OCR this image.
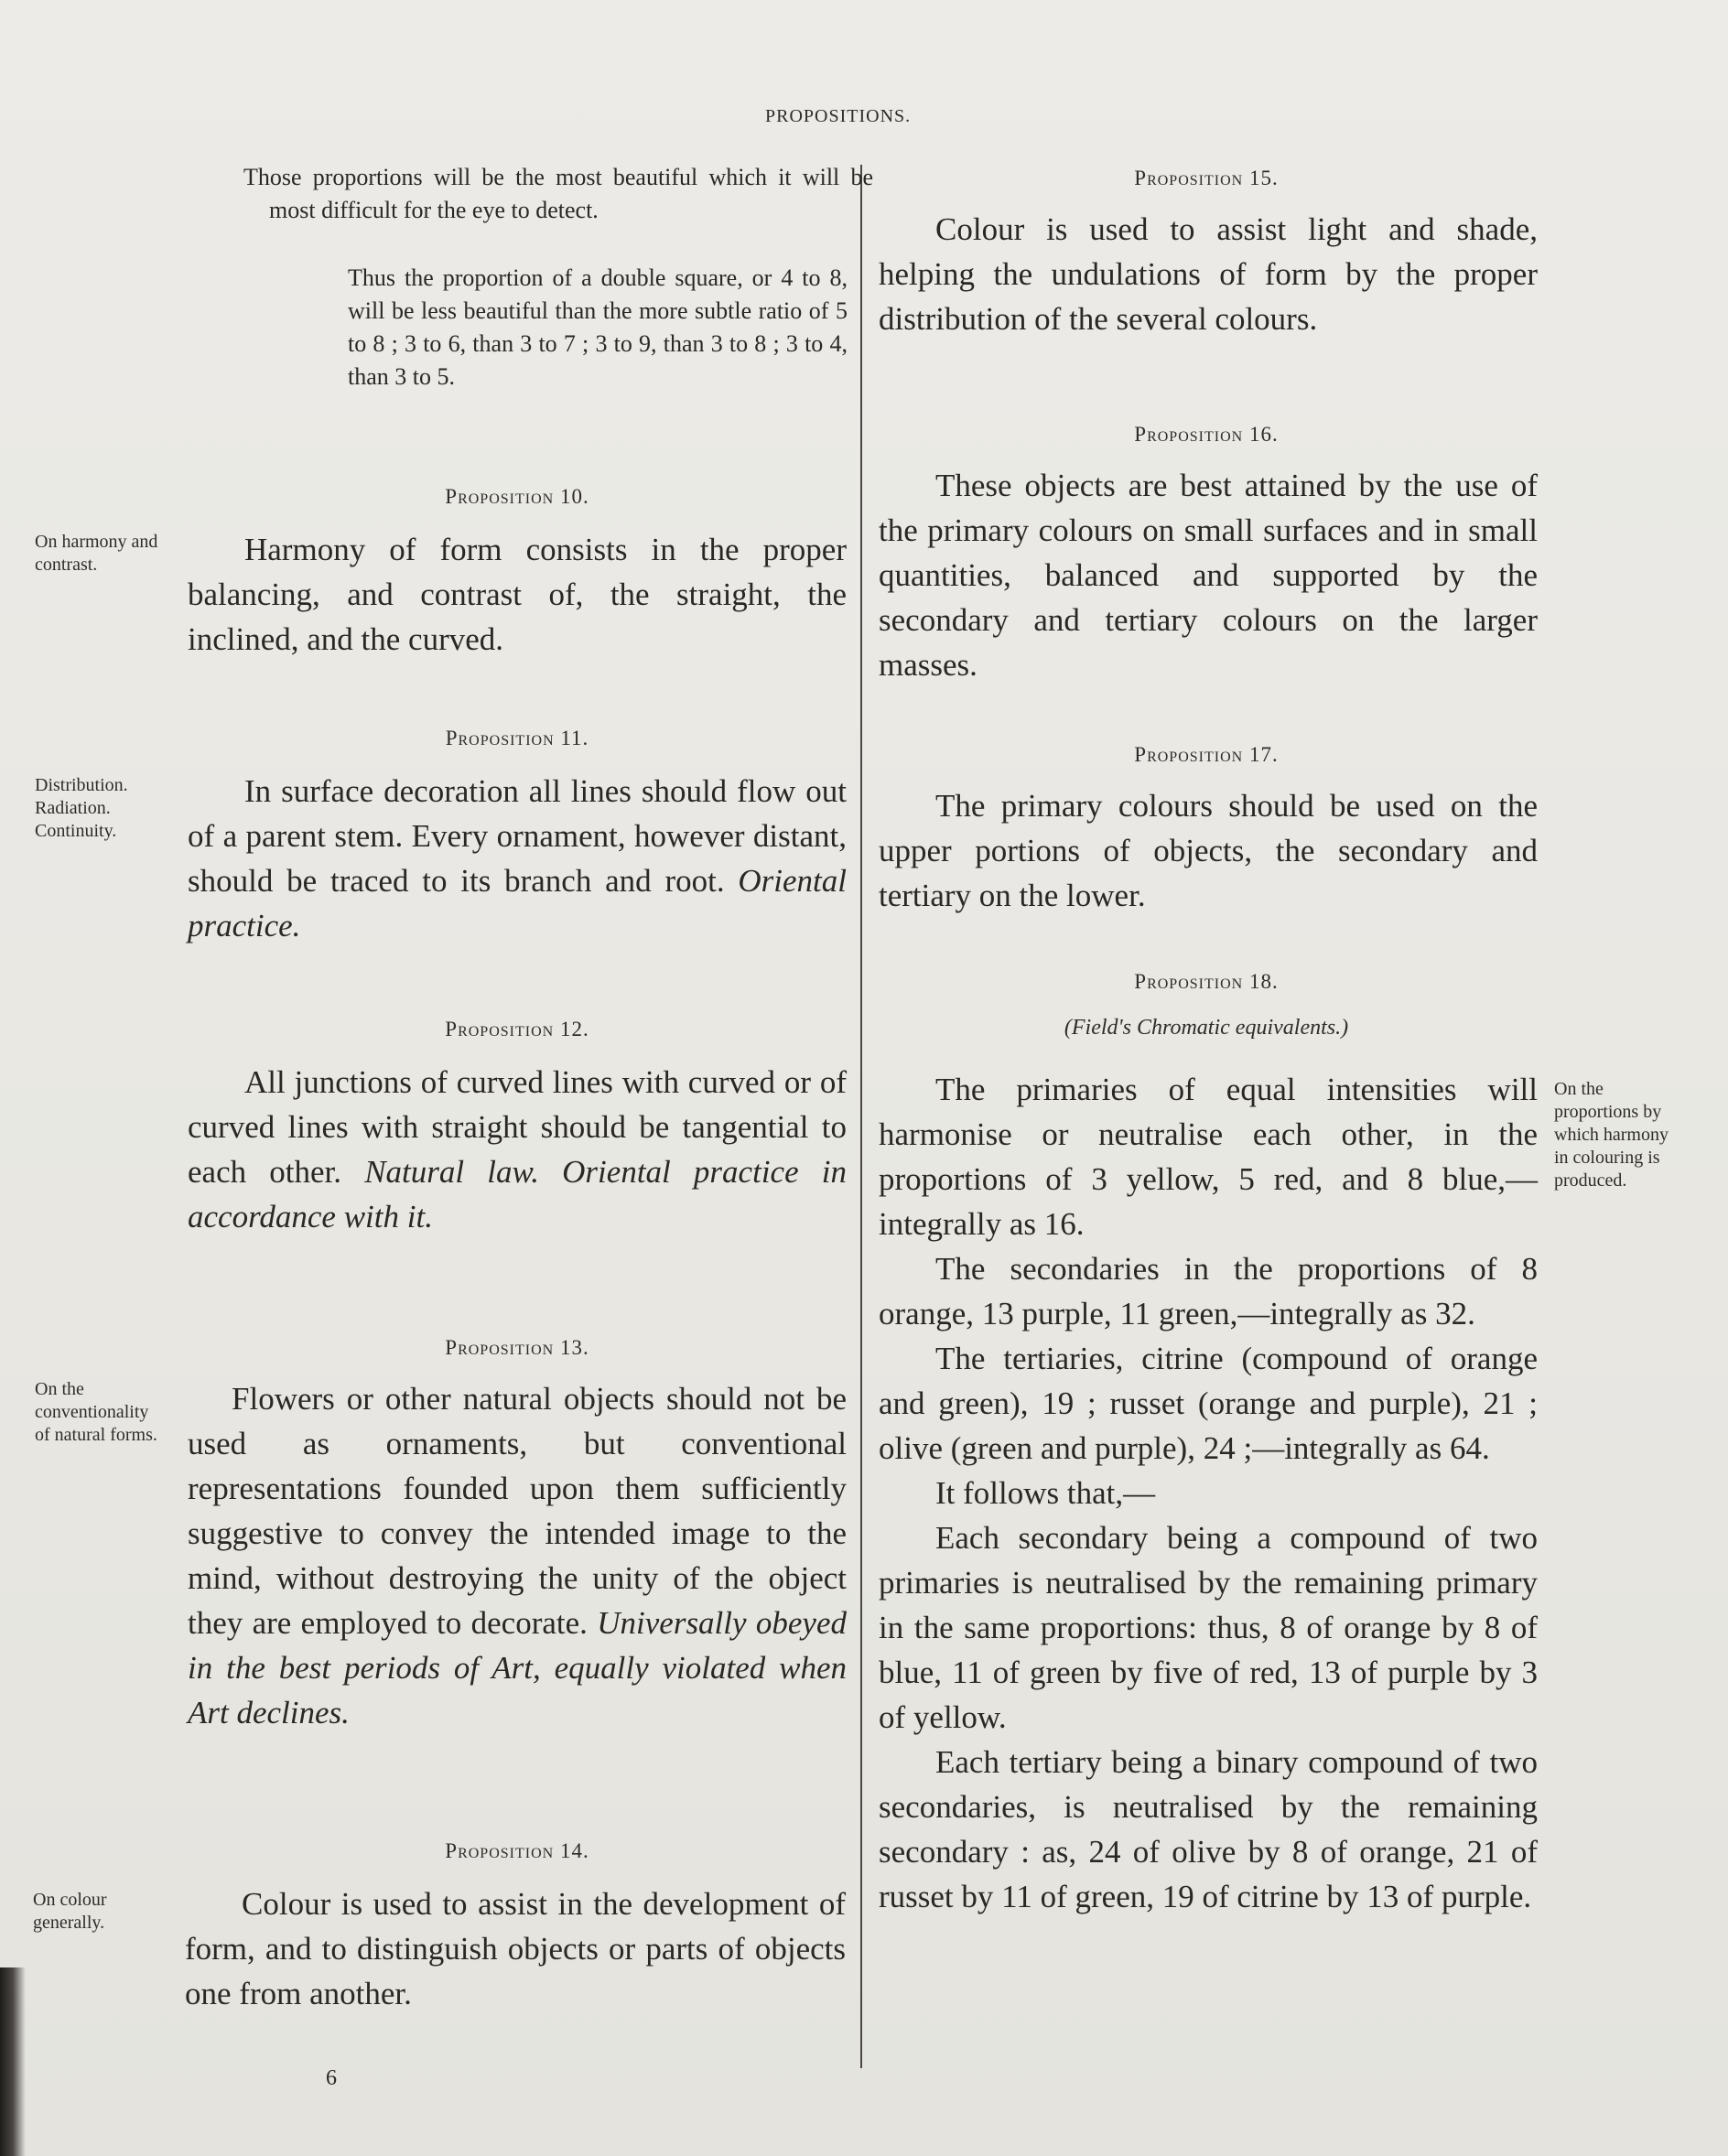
PROPOSITIONS.
Those proportions will be the most beautiful which it will be most difficult for the eye to detect.
Thus the proportion of a double square, or 4 to 8, will be less beautiful than the more subtle ratio of 5 to 8 ; 3 to 6, than 3 to 7 ; 3 to 9, than 3 to 8 ; 3 to 4, than 3 to 5.
On harmony and contrast.
Proposition 10.
Harmony of form consists in the proper balancing, and contrast of, the straight, the inclined, and the curved.
Distribution.
Radiation.
Continuity.
Proposition 11.
In surface decoration all lines should flow out of a parent stem. Every ornament, however distant, should be traced to its branch and root. Oriental practice.
Proposition 12.
All junctions of curved lines with curved or of curved lines with straight should be tangential to each other. Natural law. Oriental practice in accordance with it.
On the conventionality of natural forms.
Proposition 13.
Flowers or other natural objects should not be used as ornaments, but conventional representations founded upon them sufficiently suggestive to convey the intended image to the mind, without destroying the unity of the object they are employed to decorate. Universally obeyed in the best periods of Art, equally violated when Art declines.
On colour generally.
Proposition 14.
Colour is used to assist in the development of form, and to distinguish objects or parts of objects one from another.
6
Proposition 15.
Colour is used to assist light and shade, helping the undulations of form by the proper distribution of the several colours.
Proposition 16.
These objects are best attained by the use of the primary colours on small surfaces and in small quantities, balanced and supported by the secondary and tertiary colours on the larger masses.
Proposition 17.
The primary colours should be used on the upper portions of objects, the secondary and tertiary on the lower.
Proposition 18.
(Field's Chromatic equivalents.)
On the proportions by which harmony in colouring is produced.
The primaries of equal intensities will harmonise or neutralise each other, in the proportions of 3 yellow, 5 red, and 8 blue,—integrally as 16.
The secondaries in the proportions of 8 orange, 13 purple, 11 green,—integrally as 32.
The tertiaries, citrine (compound of orange and green), 19 ; russet (orange and purple), 21 ; olive (green and purple), 24 ;—integrally as 64.
It follows that,—
Each secondary being a compound of two primaries is neutralised by the remaining primary in the same proportions: thus, 8 of orange by 8 of blue, 11 of green by five of red, 13 of purple by 3 of yellow.
Each tertiary being a binary compound of two secondaries, is neutralised by the remaining secondary : as, 24 of olive by 8 of orange, 21 of russet by 11 of green, 19 of citrine by 13 of purple.
